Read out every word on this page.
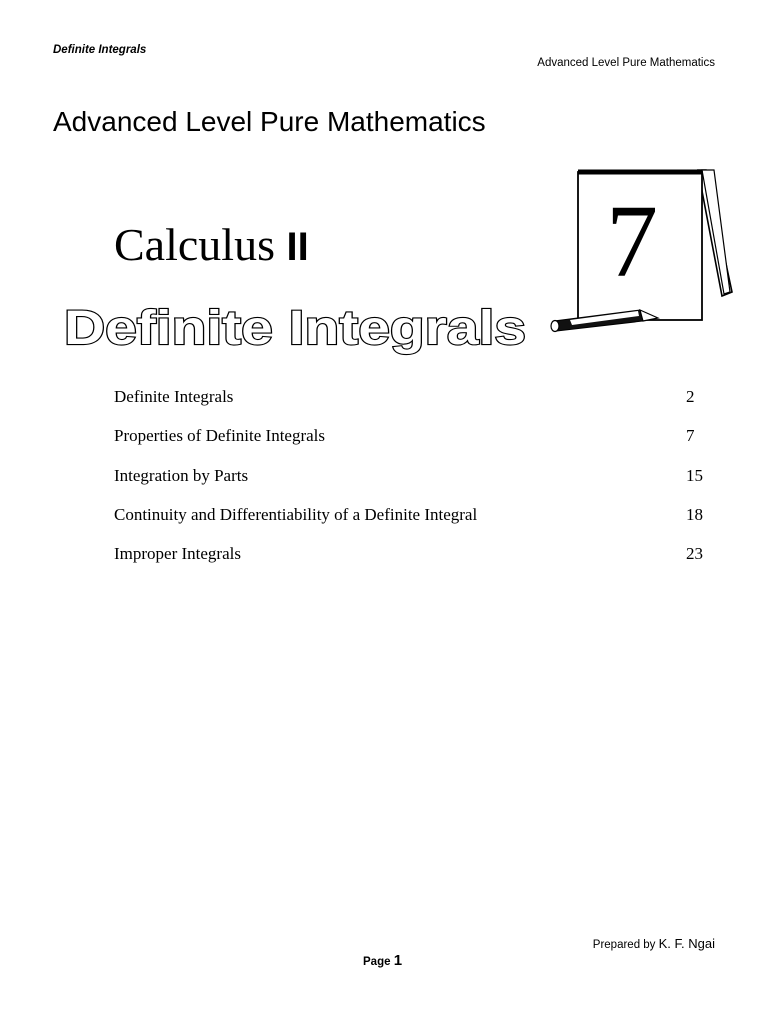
Definite Integrals
Advanced Level Pure Mathematics
Advanced Level Pure Mathematics
Calculus II
Definite Integrals
7
Definite Integrals	2
Properties of Definite Integrals	7
Integration by Parts	15
Continuity and Differentiability of a Definite Integral	18
Improper Integrals	23
Prepared by K. F. Ngai
Page 1
